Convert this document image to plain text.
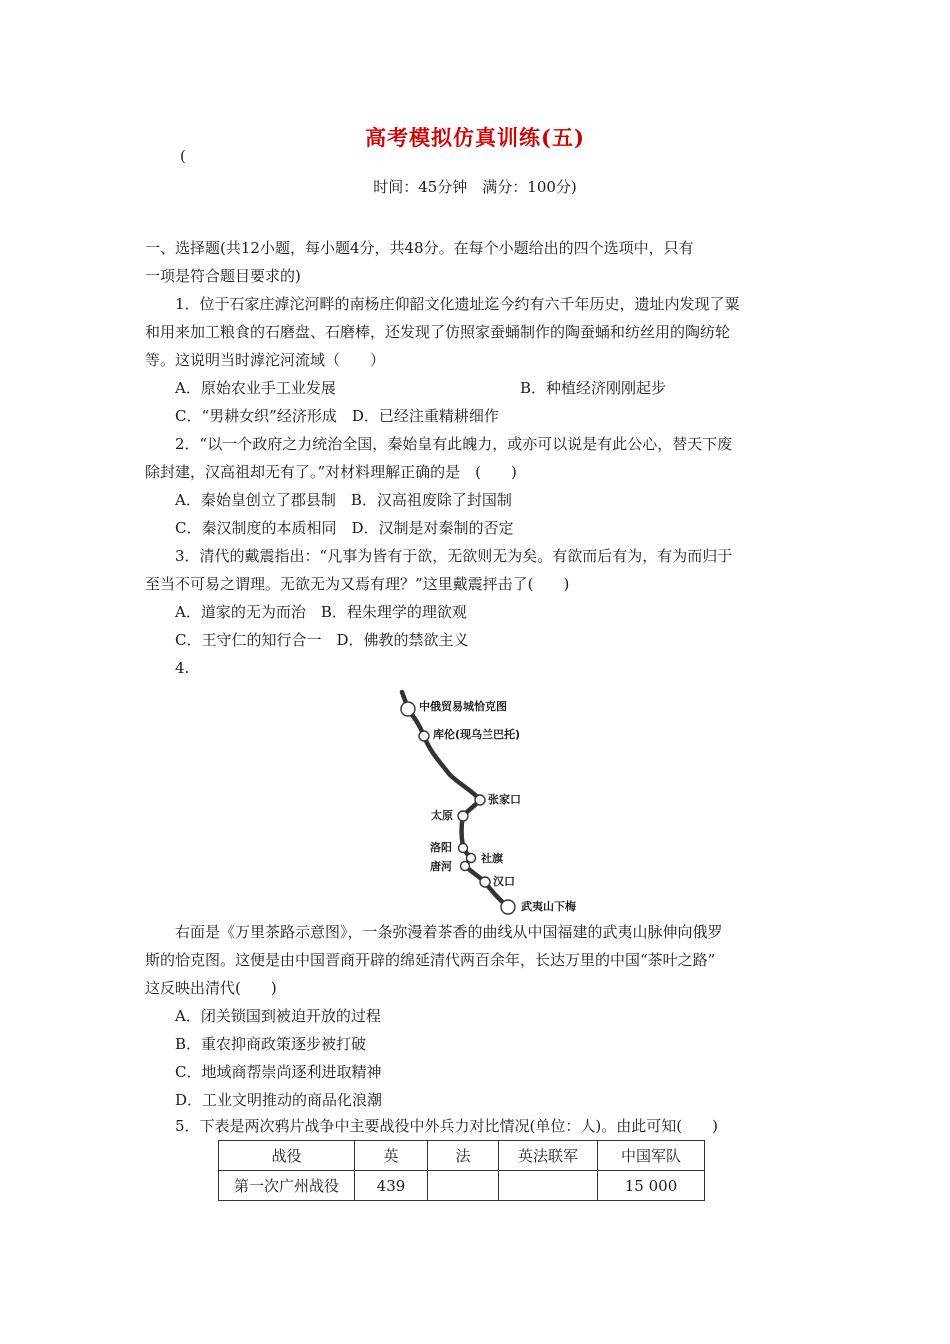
高考模拟仿真训练(五)
(
时间：45分钟　满分：100分)
一、选择题(共12小题，每小题4分，共48分。在每个小题给出的四个选项中，只有
一项是符合题目要求的)
1．位于石家庄滹沱河畔的南杨庄仰韶文化遗址迄今约有六千年历史，遗址内发现了粟
和用来加工粮食的石磨盘、石磨棒，还发现了仿照家蚕蛹制作的陶蚕蛹和纺丝用的陶纺轮
等。这说明当时滹沱河流域（　　）
A．原始农业手工业发展	B．种植经济刚刚起步
C．“男耕女织”经济形成　D．已经注重精耕细作
2．“以一个政府之力统治全国，秦始皇有此魄力，或亦可以说是有此公心，替天下废
除封建，汉高祖却无有了。”对材料理解正确的是　(　　)
A．秦始皇创立了郡县制　B．汉高祖废除了封国制
C．秦汉制度的本质相同　D．汉制是对秦制的否定
3．清代的戴震指出：“凡事为皆有于欲，无欲则无为矣。有欲而后有为，有为而归于
至当不可易之谓理。无欲无为又焉有理？”这里戴震抨击了(　　)
A．道家的无为而治　B．程朱理学的理欲观
C．王守仁的知行合一　D．佛教的禁欲主义
4.
中俄贸易城恰克图
库伦(现乌兰巴托)
张家口
太原
洛阳
社旗
唐河
汉口
武夷山下梅
右面是《万里茶路示意图》，一条弥漫着茶香的曲线从中国福建的武夷山脉伸向俄罗
斯的恰克图。这便是由中国晋商开辟的绵延清代两百余年，长达万里的中国“茶叶之路”
这反映出清代(　　)
A．闭关锁国到被迫开放的过程
B．重农抑商政策逐步被打破
C．地域商帮崇尚逐利进取精神
D．工业文明推动的商品化浪潮
5．下表是两次鸦片战争中主要战役中外兵力对比情况(单位：人)。由此可知(　　)
战役	英	法	英法联军	中国军队
第一次广州战役	439			15 000
